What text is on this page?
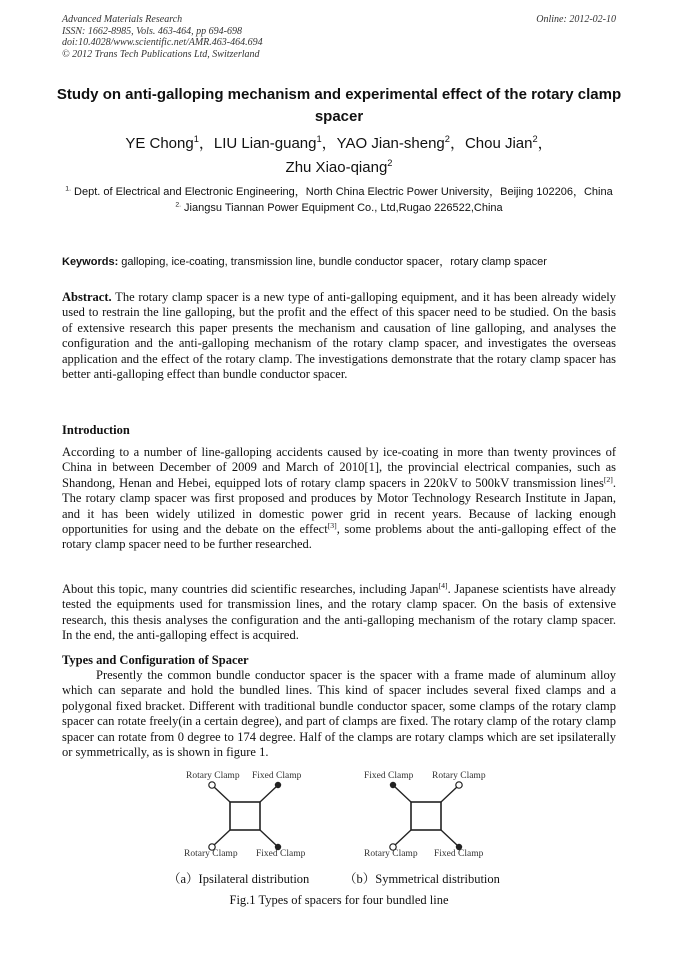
Advanced Materials Research
ISSN: 1662-8985, Vols. 463-464, pp 694-698
doi:10.4028/www.scientific.net/AMR.463-464.694
© 2012 Trans Tech Publications Ltd, Switzerland
Online: 2012-02-10
Study on anti-galloping mechanism and experimental effect of the rotary clamp spacer
YE Chong$^1$，LIU Lian-guang$^1$，YAO Jian-sheng$^2$，Chou Jian$^2$，
Zhu Xiao-qiang$^2$
$^{1.}$ Dept. of Electrical and Electronic Engineering，North China Electric Power University，Beijing 102206，China
$^{2.}$ Jiangsu Tiannan Power Equipment Co., Ltd,Rugao 226522,China
Keywords: galloping, ice-coating, transmission line, bundle conductor spacer，rotary clamp spacer
Abstract. The rotary clamp spacer is a new type of anti-galloping equipment, and it has been already widely used to restrain the line galloping, but the profit and the effect of this spacer need to be studied. On the basis of extensive research this paper presents the mechanism and causation of line galloping, and analyses the configuration and the anti-galloping mechanism of the rotary clamp spacer, and investigates the overseas application and the effect of the rotary clamp. The investigations demonstrate that the rotary clamp spacer has better anti-galloping effect than bundle conductor spacer.
Introduction
According to a number of line-galloping accidents caused by ice-coating in more than twenty provinces of China in between December of 2009 and March of 2010[1], the provincial electrical companies, such as Shandong, Henan and Hebei, equipped lots of rotary clamp spacers in 220kV to 500kV transmission lines[2]. The rotary clamp spacer was first proposed and produces by Motor Technology Research Institute in Japan, and it has been widely utilized in domestic power grid in recent years. Because of lacking enough opportunities for using and the debate on the effect[3], some problems about the anti-galloping effect of the rotary clamp spacer need to be further researched.
About this topic, many countries did scientific researches, including Japan[4]. Japanese scientists have already tested the equipments used for transmission lines, and the rotary clamp spacer. On the basis of extensive research, this thesis analyses the configuration and the anti-galloping mechanism of the rotary clamp spacer. In the end, the anti-galloping effect is acquired.
Types and Configuration of Spacer
Presently the common bundle conductor spacer is the spacer with a frame made of aluminum alloy which can separate and hold the bundled lines. This kind of spacer includes several fixed clamps and a polygonal fixed bracket. Different with traditional bundle conductor spacer, some clamps of the rotary clamp spacer can rotate freely(in a certain degree), and part of clamps are fixed. The rotary clamp of the rotary clamp spacer can rotate from 0 degree to 174 degree. Half of the clamps are rotary clamps which are set ipsilaterally or symmetrically, as is shown in figure 1.
Rotary Clamp Fixed Clamp
Rotary Clamp Fixed Clamp
Fixed Clamp Rotary Clamp
Rotary Clamp Fixed Clamp
（a）Ipsilateral distribution	（b）Symmetrical distribution
Fig.1 Types of spacers for four bundled line
